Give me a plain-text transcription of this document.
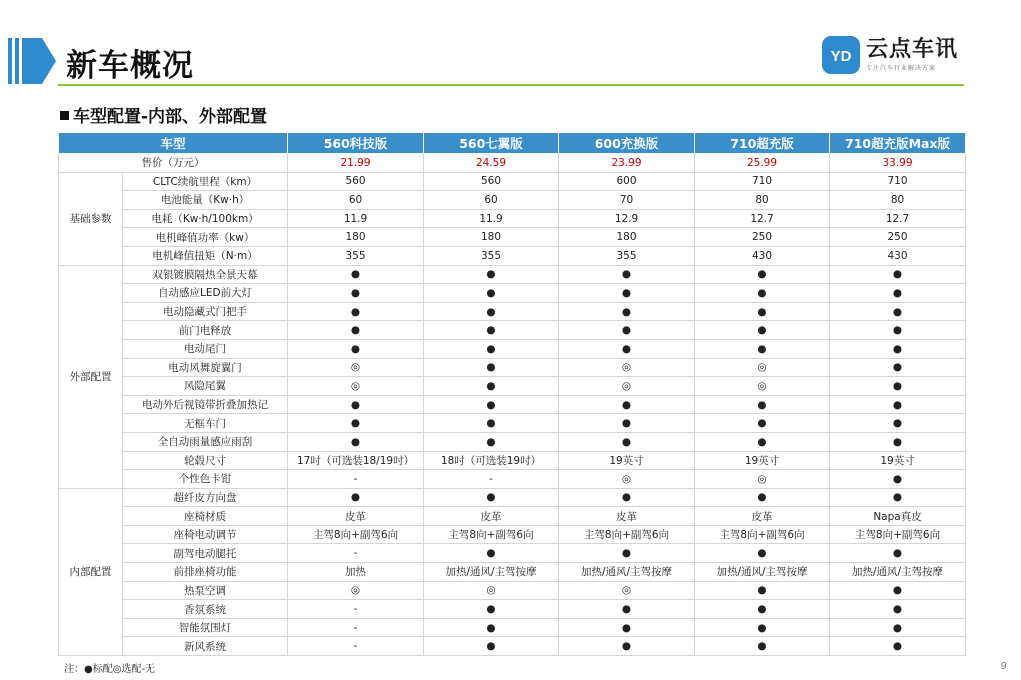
新车概况	YD 云点车讯
专注汽车行业解决方案
车型配置-内部、外部配置
车型		560科技版	560七翼版	600充换版	710超充版	710超充版Max版
售价（万元）		21.99	24.59	23.99	25.99	33.99
基础参数	CLTC续航里程（km）	560	560	600	710	710
	电池能量（Kw·h）	60	60	70	80	80
	电耗（Kw·h/100km）	11.9	11.9	12.9	12.7	12.7
	电机峰值功率（kw）	180	180	180	250	250
	电机峰值扭矩（N·m）	355	355	355	430	430
外部配置	双银镀膜隔热全景天幕	●	●	●	●	●
	自动感应LED前大灯	●	●	●	●	●
	电动隐藏式门把手	●	●	●	●	●
	前门电释放	●	●	●	●	●
	电动尾门	●	●	●	●	●
	电动风舞旋翼门	◎	●	◎	◎	●
	风隐尾翼	◎	●	◎	◎	●
	电动外后视镜带折叠加热记	●	●	●	●	●
	无框车门	●	●	●	●	●
	全自动雨量感应雨刮	●	●	●	●	●
	轮毂尺寸	17吋（可选装18/19吋）	18吋（可选装19吋）	19英寸	19英寸	19英寸
	个性色卡钳	-	-	◎	◎	●
内部配置	超纤皮方向盘	●	●	●	●	●
	座椅材质	皮革	皮革	皮革	皮革	Napa真皮
	座椅电动调节	主驾8向+副驾6向	主驾8向+副驾6向	主驾8向+副驾6向	主驾8向+副驾6向	主驾8向+副驾6向
	副驾电动腿托	-	●	●	●	●
	前排座椅功能	加热	加热/通风/主驾按摩	加热/通风/主驾按摩	加热/通风/主驾按摩	加热/通风/主驾按摩
	热泵空调	◎	◎	◎	●	●
	香氛系统	-	●	●	●	●
	智能氛围灯	-	●	●	●	●
	新风系统	-	●	●	●	●
注：●标配◎选配-无	9
